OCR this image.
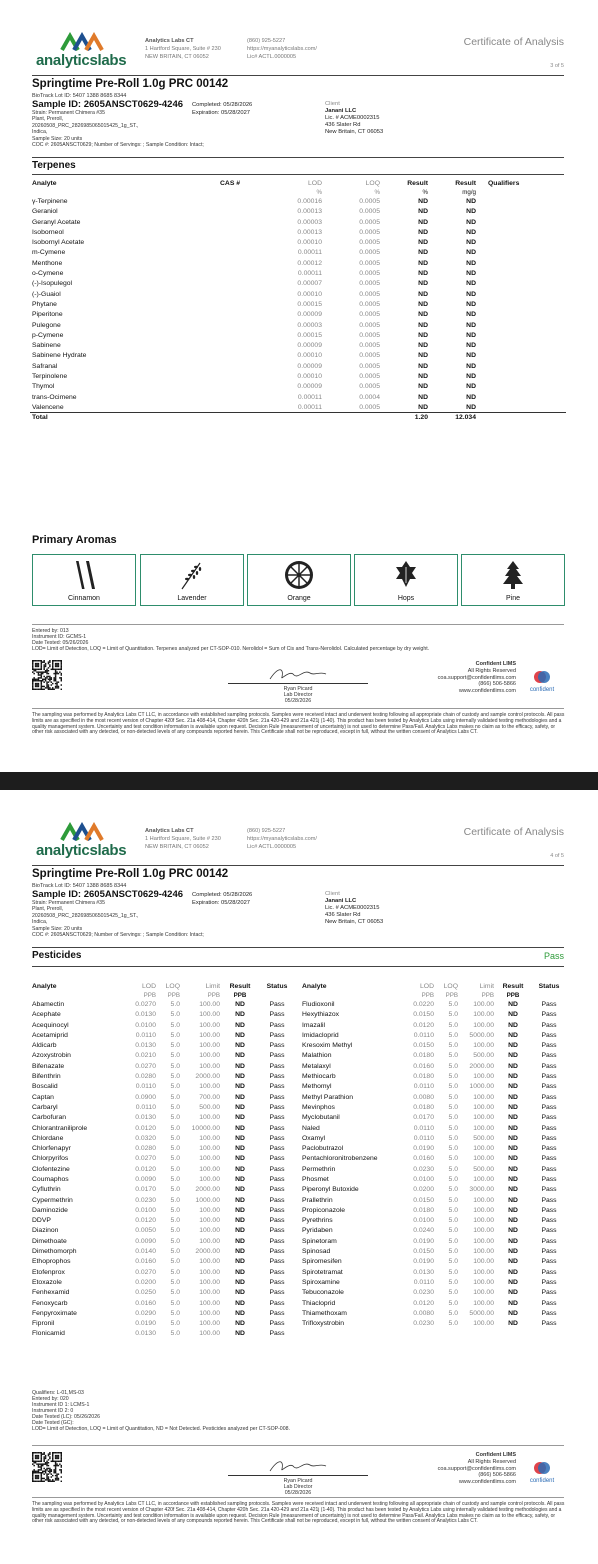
analyticslabs
Analytics Labs CT
1 Hartford Square, Suite # 230
NEW BRITAIN, CT 06052
(860) 925-5227
https://myanalyticslabs.com/
Lic# ACTL.0000005
Certificate of Analysis
3 of 5
Springtime Pre-Roll 1.0g PRC 00142
BioTrack Lot ID: 5407 1388 8685 8344
Sample ID: 2605ANSCT0629-4246 Completed: 05/28/2026
Expiration: 05/28/2027
Client
Janani LLC
Lic. # ACME0002315
436 Slater Rd
New Britain, CT 06053
Strain: Permanent Chimera #35
Plant, Preroll,
20260508_PRC_2826985065015425_1g_ST.,
Indica,
Sample Size: 20 units
COC #: 2605ANSCT0629; Number of Servings: ; Sample Condition: Intact;
Terpenes
Analyte	CAS #	LOD	LOQ	Result	Result	Qualifiers
		%	%	%	mg/g	
γ-Terpinene		0.00016	0.0005	ND	ND	
Geraniol		0.00013	0.0005	ND	ND	
Geranyl Acetate		0.00003	0.0005	ND	ND	
Isoborneol		0.00013	0.0005	ND	ND	
Isobornyl Acetate		0.00010	0.0005	ND	ND	
m-Cymene		0.00011	0.0005	ND	ND	
Menthone		0.00012	0.0005	ND	ND	
o-Cymene		0.00011	0.0005	ND	ND	
(-)-Isopulegol		0.00007	0.0005	ND	ND	
(-)-Guaiol		0.00010	0.0005	ND	ND	
Phytane		0.00015	0.0005	ND	ND	
Piperitone		0.00009	0.0005	ND	ND	
Pulegone		0.00003	0.0005	ND	ND	
p-Cymene		0.00015	0.0005	ND	ND	
Sabinene		0.00009	0.0005	ND	ND	
Sabinene Hydrate		0.00010	0.0005	ND	ND	
Safranal		0.00009	0.0005	ND	ND	
Terpinolene		0.00010	0.0005	ND	ND	
Thymol		0.00009	0.0005	ND	ND	
trans-Ocimene		0.00011	0.0004	ND	ND	
Valencene		0.00011	0.0005	ND	ND	
Total				1.20	12.034	
Primary Aromas
Cinnamon	Lavender	Orange	Hops	Pine
Entered by: 013
Instrument ID: GCMS-1
Date Tested: 05/26/2026
LOD= Limit of Detection, LOQ = Limit of Quantitation. Terpenes analyzed per CT-SOP-010. Nerolidol = Sum of Cis and Trans-Nerolidol. Calculated percentage by dry weight.
Ryan Picard
Lab Director
05/28/2026
Confident LIMS
All Rights Reserved
coa.support@confidentlims.com
(866) 506-5866
www.confidentlims.com	confident
The sampling was performed by Analytics Labs CT LLC, in accordance with established sampling protocols. Samples were received intact and underwent testing following all appropriate chain of custody and sample control protocols. All pass limits are as specified in the most recent version of Chapter 420f Sec. 21a 408-414, Chapter 420h Sec. 21a 420-429 and 21a 421j (1-40). This product has been tested by Analytics Labs using internally validated testing methodologies and a quality management system. Uncertainty and test condition information is available upon request. Decision Rule (measurement of uncertainty) is not used to determine Pass/Fail. Analytics Labs makes no claim as to the efficacy, safety, or other risk associated with any detected, or non-detected levels of any compounds reported herein. This Certificate shall not be reproduced, except in full, without the written consent of Analytics Labs CT.
analyticslabs
Analytics Labs CT
1 Hartford Square, Suite # 230
NEW BRITAIN, CT 06052
(860) 925-5227
https://myanalyticslabs.com/
Lic# ACTL.0000005
Certificate of Analysis
4 of 5
Springtime Pre-Roll 1.0g PRC 00142
BioTrack Lot ID: 5407 1388 8685 8344
Sample ID: 2605ANSCT0629-4246 Completed: 05/28/2026
Expiration: 05/28/2027
Client
Janani LLC
Lic. # ACME0002315
436 Slater Rd
New Britain, CT 06053
Strain: Permanent Chimera #35
Plant, Preroll,
20260508_PRC_2826985065015425_1g_ST.,
Indica,
Sample Size: 20 units
COC #: 2605ANSCT0629; Number of Servings: ; Sample Condition: Intact;
Pesticides	Pass
Analyte	LOD	LOQ	Limit	Result	Status
	PPB	PPB	PPB	PPB	
Abamectin	0.0270	5.0	100.00	ND	Pass
Acephate	0.0130	5.0	100.00	ND	Pass
Acequinocyl	0.0100	5.0	100.00	ND	Pass
Acetamiprid	0.0110	5.0	100.00	ND	Pass
Aldicarb	0.0130	5.0	100.00	ND	Pass
Azoxystrobin	0.0210	5.0	100.00	ND	Pass
Bifenazate	0.0270	5.0	100.00	ND	Pass
Bifenthrin	0.0280	5.0	2000.00	ND	Pass
Boscalid	0.0110	5.0	100.00	ND	Pass
Captan	0.0900	5.0	700.00	ND	Pass
Carbaryl	0.0110	5.0	500.00	ND	Pass
Carbofuran	0.0130	5.0	100.00	ND	Pass
Chlorantraniliprole	0.0120	5.0	10000.00	ND	Pass
Chlordane	0.0320	5.0	100.00	ND	Pass
Chlorfenapyr	0.0280	5.0	100.00	ND	Pass
Chlorpyrifos	0.0270	5.0	100.00	ND	Pass
Clofentezine	0.0120	5.0	100.00	ND	Pass
Coumaphos	0.0090	5.0	100.00	ND	Pass
Cyfluthrin	0.0170	5.0	2000.00	ND	Pass
Cypermethrin	0.0230	5.0	1000.00	ND	Pass
Daminozide	0.0100	5.0	100.00	ND	Pass
DDVP	0.0120	5.0	100.00	ND	Pass
Diazinon	0.0050	5.0	100.00	ND	Pass
Dimethoate	0.0090	5.0	100.00	ND	Pass
Dimethomorph	0.0140	5.0	2000.00	ND	Pass
Ethoprophos	0.0160	5.0	100.00	ND	Pass
Etofenprox	0.0270	5.0	100.00	ND	Pass
Etoxazole	0.0200	5.0	100.00	ND	Pass
Fenhexamid	0.0250	5.0	100.00	ND	Pass
Fenoxycarb	0.0160	5.0	100.00	ND	Pass
Fenpyroximate	0.0290	5.0	100.00	ND	Pass
Fipronil	0.0190	5.0	100.00	ND	Pass
Flonicamid	0.0130	5.0	100.00	ND	Pass
Analyte	LOD	LOQ	Limit	Result	Status
	PPB	PPB	PPB	PPB	
Fludioxonil	0.0220	5.0	100.00	ND	Pass
Hexythiazox	0.0150	5.0	100.00	ND	Pass
Imazalil	0.0120	5.0	100.00	ND	Pass
Imidacloprid	0.0110	5.0	5000.00	ND	Pass
Kresoxim Methyl	0.0150	5.0	100.00	ND	Pass
Malathion	0.0180	5.0	500.00	ND	Pass
Metalaxyl	0.0160	5.0	2000.00	ND	Pass
Methiocarb	0.0180	5.0	100.00	ND	Pass
Methomyl	0.0110	5.0	1000.00	ND	Pass
Methyl Parathion	0.0080	5.0	100.00	ND	Pass
Mevinphos	0.0180	5.0	100.00	ND	Pass
Myclobutanil	0.0170	5.0	100.00	ND	Pass
Naled	0.0110	5.0	100.00	ND	Pass
Oxamyl	0.0110	5.0	500.00	ND	Pass
Paclobutrazol	0.0190	5.0	100.00	ND	Pass
Pentachloronitrobenzene	0.0160	5.0	100.00	ND	Pass
Permethrin	0.0230	5.0	500.00	ND	Pass
Phosmet	0.0100	5.0	100.00	ND	Pass
Piperonyl Butoxide	0.0200	5.0	3000.00	ND	Pass
Prallethrin	0.0150	5.0	100.00	ND	Pass
Propiconazole	0.0180	5.0	100.00	ND	Pass
Pyrethrins	0.0100	5.0	100.00	ND	Pass
Pyridaben	0.0240	5.0	100.00	ND	Pass
Spinetoram	0.0190	5.0	100.00	ND	Pass
Spinosad	0.0150	5.0	100.00	ND	Pass
Spiromesifen	0.0190	5.0	100.00	ND	Pass
Spirotetramat	0.0130	5.0	100.00	ND	Pass
Spiroxamine	0.0110	5.0	100.00	ND	Pass
Tebuconazole	0.0230	5.0	100.00	ND	Pass
Thiacloprid	0.0120	5.0	100.00	ND	Pass
Thiamethoxam	0.0080	5.0	5000.00	ND	Pass
Trifloxystrobin	0.0230	5.0	100.00	ND	Pass
Qualifiers: L-01,MS-03
Entered by: 020
Instrument ID 1: LCMS-1
Instrument ID 2: 0
Date Tested (LC): 05/26/2026
Date Tested (GC):
LOD= Limit of Detection, LOQ = Limit of Quantitation, ND = Not Detected. Pesticides analyzed per CT-SOP-008.
Ryan Picard
Lab Director
05/28/2026
Confident LIMS
All Rights Reserved
coa.support@confidentlims.com
(866) 506-5866
www.confidentlims.com	confident
The sampling was performed by Analytics Labs CT LLC, in accordance with established sampling protocols. Samples were received intact and underwent testing following all appropriate chain of custody and sample control protocols. All pass limits are as specified in the most recent version of Chapter 420f Sec. 21a 408-414, Chapter 420h Sec. 21a 420-429 and 21a 421j (1-40). This product has been tested by Analytics Labs using internally validated testing methodologies and a quality management system. Uncertainty and test condition information is available upon request. Decision Rule (measurement of uncertainty) is not used to determine Pass/Fail. Analytics Labs makes no claim as to the efficacy, safety, or other risk associated with any detected, or non-detected levels of any compounds reported herein. This Certificate shall not be reproduced, except in full, without the written consent of Analytics Labs CT.
